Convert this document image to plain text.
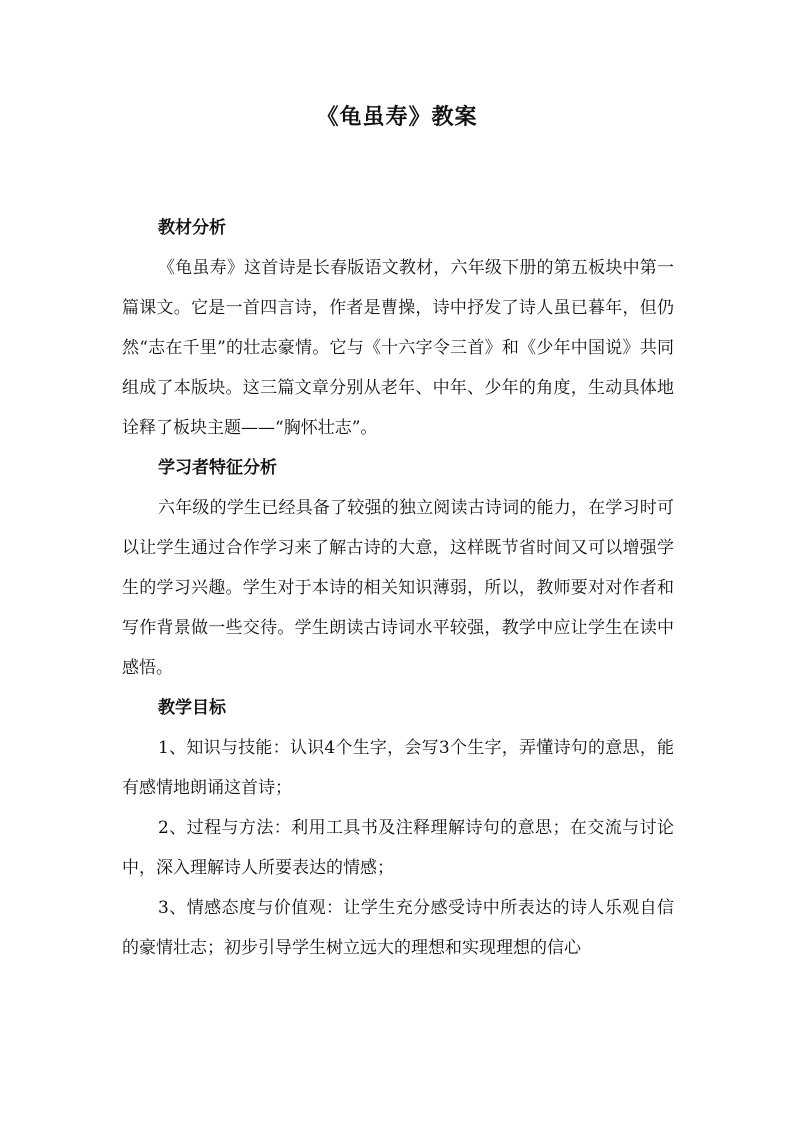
《龟虽寿》教案

教材分析

《龟虽寿》这首诗是长春版语文教材，六年级下册的第五板块中第一篇课文。它是一首四言诗，作者是曹操，诗中抒发了诗人虽已暮年，但仍然“志在千里”的壮志豪情。它与《十六字令三首》和《少年中国说》共同组成了本版块。这三篇文章分别从老年、中年、少年的角度，生动具体地诠释了板块主题——“胸怀壮志”。

学习者特征分析

六年级的学生已经具备了较强的独立阅读古诗词的能力，在学习时可以让学生通过合作学习来了解古诗的大意，这样既节省时间又可以增强学生的学习兴趣。学生对于本诗的相关知识薄弱，所以，教师要对对作者和写作背景做一些交待。学生朗读古诗词水平较强，教学中应让学生在读中感悟。

教学目标

1、知识与技能：认识4个生字，会写3个生字，弄懂诗句的意思，能有感情地朗诵这首诗；

2、过程与方法：利用工具书及注释理解诗句的意思；在交流与讨论中，深入理解诗人所要表达的情感；

3、情感态度与价值观：让学生充分感受诗中所表达的诗人乐观自信的豪情壮志；初步引导学生树立远大的理想和实现理想的信心
